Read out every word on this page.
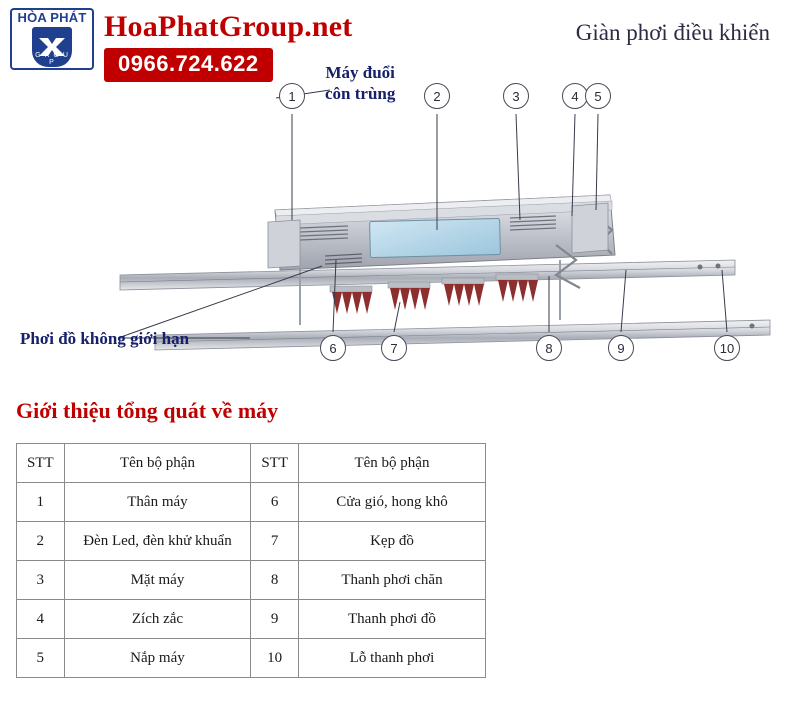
HÒA PHÁT
G R O U P
HoaPhatGroup.net
0966.724.622
Giàn phơi điều khiển
1	2	3	4	5
6	7	8	9	10
Máy đuổi
côn trùng
Phơi đồ không giới hạn
Giới thiệu tổng quát về máy
STT	Tên bộ phận	STT	Tên bộ phận
1	Thân máy	6	Cửa gió, hong khô
2	Đèn Led, đèn khử khuẩn	7	Kẹp đồ
3	Mặt máy	8	Thanh phơi chăn
4	Zích zắc	9	Thanh phơi đồ
5	Nắp máy	10	Lỗ thanh phơi
